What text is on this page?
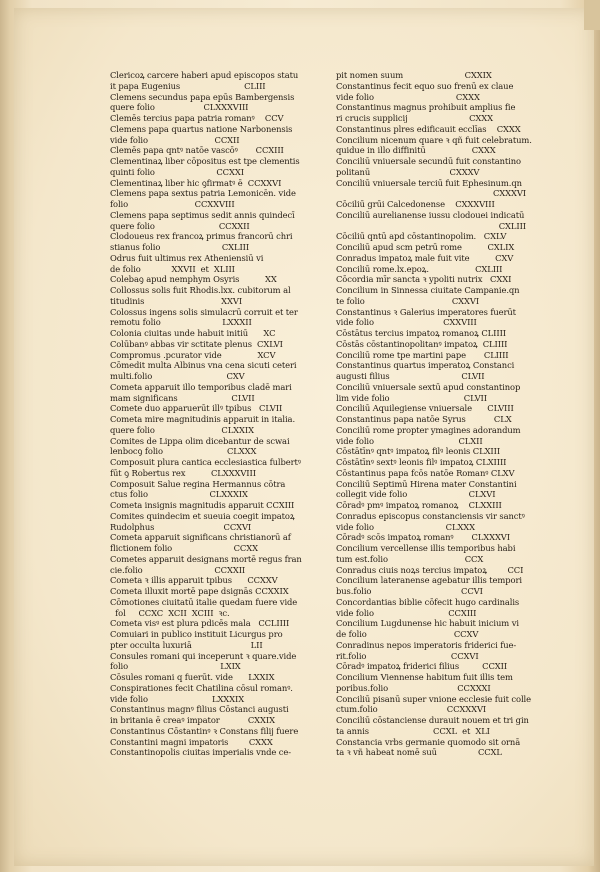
Clericoꝝ carcere haberi apud episcopos statu
it papa Eugenius                         CLIII
Clemens secundus papa epūs Bambergensis
quere folio                   CLXXXVIII
Clemēs tercius papa patria romanꝰ    CCV
Clemens papa quartus natione Narbonensis
vide folio                          CCXII
Clemēs papa qntꝰ natōe vascōꝰ       CCXIII
Clementinaꝝ liber cōpositus est tpe clementis
quinti folio                        CCXXI
Clementinaꝝ liber hic ꝯfirmatꝰ ē  CCXXVI
Clemens papa sextus patria Lemonicēn. vide
folio                          CCXXVIII
Clemens papa septimus sedit annis quindecī
quere folio                         CCXXII
Clodoueus rex francoꝝ primus francorū chri
stianus folio                        CXLIII
Odrus fuit ultimus rex Atheniensiū vi
de folio            XXVII  et  XLIII
Colebaꝯ apud nemphym Osyris          XX
Collossus solis fuit Rhodis.lxx. cubitorum al
titudinis                              XXVI
Colossus ingens solis simulacrū corruit et ter
remotu folio                        LXXXII
Colonia ciuitas unde habuit initiū      XC
Colūbanꝰ abbas vir sctitate plenus  CXLVI
Compromus .pcurator vide              XCV
Cōmedit multa Albinus vna cena sicuti ceteri
multi.folio                             CXV
Cometa apparuit illo temporibus cladē mari
mam significans                     CLVII
Comete duo apparuerūt illꝰ tpibus   CLVII
Cometa mire magnitudinis apparuit in italia.
quere folio                          CLXXIX
Comites de Lippa olim dicebantur de scwai
lenbocꝯ folio                         CLXXX
Composuit plura cantica ecclesiastica fulbertꝰ
fūt ꝯ Robertus rex          CLXXXVIII
Composuit Salue regina Hermannus cōtra
ctus folio                        CLXXXIX
Cometa insignis magnitudis apparuit CCXIII
Comites quindecim et sueuia coegit impatoꝝ
Rudolphus                           CCXVI
Cometa apparuit significans christianorū af
flictionem folio                        CCXX
Cometes apparuit designans mortē regus fran
cie.folio                            CCXXII
Cometa ꝛ illis apparuit tpibus      CCXXV
Cometa illuxit mortē pape dsignās CCXXIX
Cōmotiones ciuitatū italie quedam fuere vide
fol     CCXC  XCII  XCIII  ꝛc.
Cometa visꝰ est plura pdicēs mala   CCLIIII
Comuiari in publico instituit Licurgus pro
pter occulta luxuriā                       LII
Consules romani qui inceperunt ꝛ quare.vide
folio                                    LXIX
Cōsules romani q fuerūt. vide      LXXIX
Conspirationes fecit Chatilina cōsul romanꝰ.
vide folio                         LXXXIX
Constantinus magnꝰ filius Cōstanci augusti
in britania ē creaꝰ impator           CXXIX
Constantinus Cōstantinꝰ ꝛ Constans filij fuere
Constantini magni impatoris        CXXX
Constantinopolis ciuitas imperialis vnde ce-
pit nomen suum                        CXXIX
Constantinus fecit equo suo frenū ex claue
vide folio                                CXXX
Constantinus magnus prohibuit amplius fie
ri crucis supplicij                        CXXX
Constantinus plres edificauit ecclīas    CXXX
Concilium nicenum quare ꝛ qñ fuit celebratum.
quidue in illo diffinitū                  CXXX
Conciliū vniuersale secundū fuit constantino
politanū                               CXXXV
Conciliū vniuersale terciū fuit Ephesinum.qn
CXXXVI
Cōciliū grūi Calcedonense    CXXXVIII
Conciliū aurelianense iussu clodouei indicatū
CXLIII
Cōciliū qntū apd cōstantinopolim.   CXLV
Conciliū apud scm petrū rome          CXLIX
Conradus impatoꝝ male fuit vite          CXV
Conciliū rome.lx.epoꝝ.                  CXLIII
Cōcordia mīr sancta ꝛ ypoliti nutrix   CXXI
Concilium in Sinnessa ciuitate Campanie.qn
te folio                                  CXXVI
Constantinus ꝛ Galerius imperatores fuerūt
vide folio                           CXXVIII
Cōstātus tercius impatoꝝ romanoꝝ CLIIII
Cōstās cōstantinopolitanꝰ impatoꝝ  CLIIII
Conciliū rome tpe martini pape       CLIIII
Constantinus quartus imperatoꝝ Constanci
augusti filius                            CLVII
Conciliū vniuersale sextū apud constantinop
lim vide folio                             CLVII
Conciliū Aquilegiense vniuersale      CLVIII
Constantinus papa natōe Syrus           CLX
Conciliū rome propter ymagines adorandum
vide folio                                 CLXII
Cōstātīnꝰ qntꝰ impatoꝝ filꝰ leonis CLXIII
Cōstātīnꝰ sextꝰ leonis filꝰ impatoꝝ CLXIIII
Cōstantinus papa fcōs natōe Romanꝰ CLXV
Conciliū Septimū Hirena mater Constantini
collegit vide folio                        CLXVI
Cōradꝰ pmꝰ impatoꝝ romanoꝝ    CLXXIII
Conradus episcopus constanciensis vir sanctꝰ
vide folio                            CLXXX
Cōradꝰ scōs impatoꝝ romanꝰ       CLXXXVI
Concilium vercellense illis temporibus habi
tum est.folio                              CCX
Conradus ciuis noꝝs tercius impatoꝝ        CCI
Concilium lateranense agebatur illis tempori
bus.folio                                   CCVI
Concordantias biblie cōfecit hugo cardinalis
vide folio                             CCXIII
Concilium Lugdunense hic habuit inicium vi
de folio                                  CCXV
Conradinus nepos imperatoris friderici fue-
rit.folio                                 CCXVI
Cōradꝰ impatoꝝ friderici filius         CCXII
Concilium Viennense habitum fuit illis tem
poribus.folio                           CCXXXI
Conciliū pisanū super vnione ecclesie fuit colle
ctum.folio                           CCXXXVI
Conciliū cōstanciense durauit nouem et tri gin
ta annis                         CCXL  et  XLI
Constancia vrbs germanie quomodo sit ornā
ta ꝛ vñ habeat nomē suū                CCXL
